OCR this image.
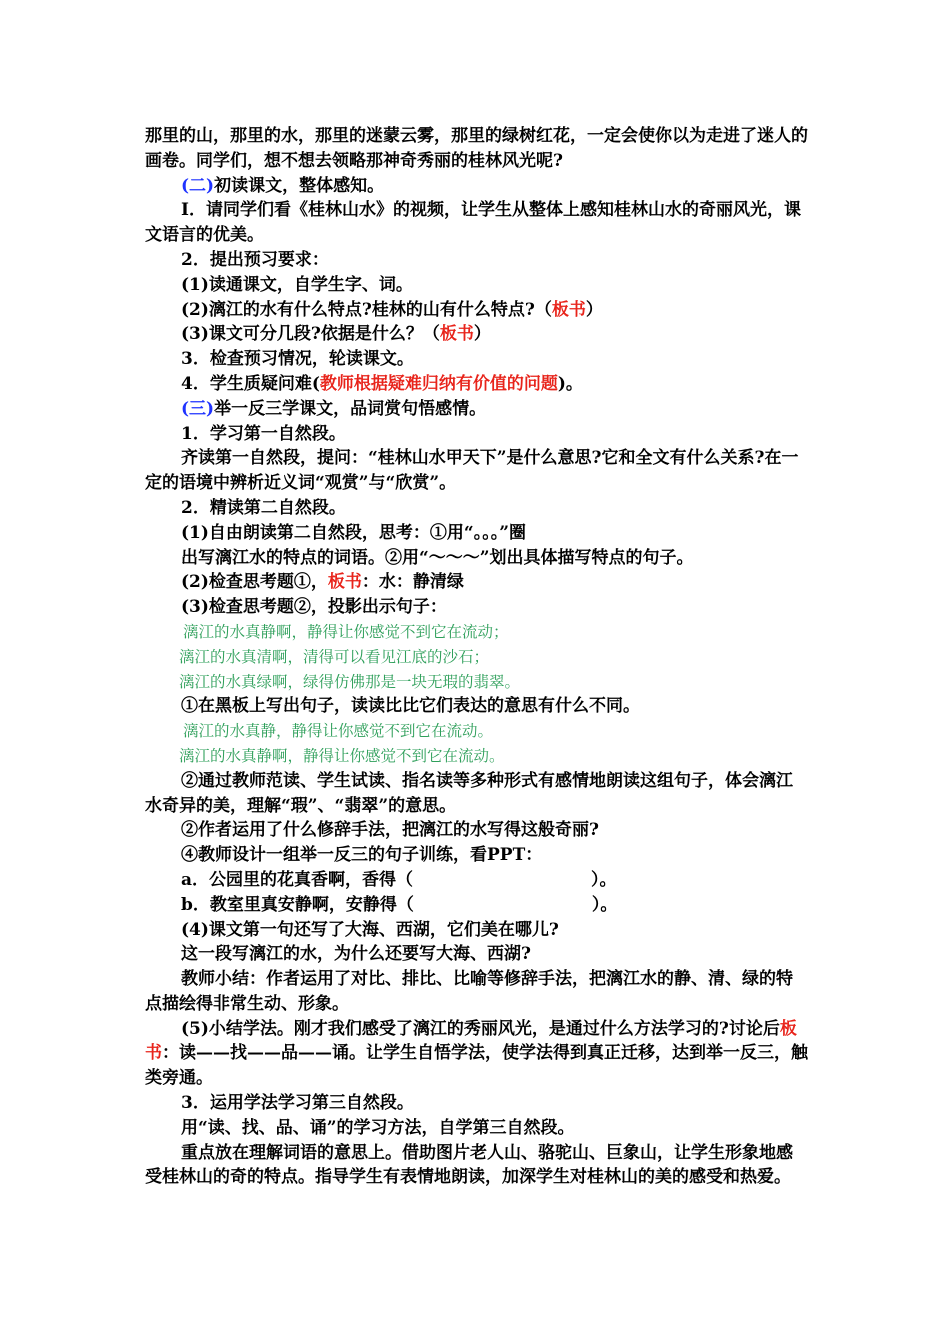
那里的山，那里的水，那里的迷蒙云雾，那里的绿树红花，一定会使你以为走进了迷人的画卷。同学们，想不想去领略那神奇秀丽的桂林风光呢?

(二)初读课文，整体感知。

I．请同学们看《桂林山水》的视频，让学生从整体上感知桂林山水的奇丽风光，课文语言的优美。

2．提出预习要求：

(1)读通课文，自学生字、词。

(2)漓江的水有什么特点?桂林的山有什么特点?（板书）

(3)课文可分几段?依据是什么？（板书）

3．检查预习情况，轮读课文。

4．学生质疑问难(教师根据疑难归纳有价值的问题)。

(三)举一反三学课文，品词赏句悟感情。

1．学习第一自然段。

齐读第一自然段，提问：“桂林山水甲天下”是什么意思?它和全文有什么关系?在一定的语境中辨析近义词“观赏”与“欣赏”。

2．精读第二自然段。

(1)自由朗读第二自然段，思考：①用“。。。”圈

出写漓江水的特点的词语。②用“～～～”划出具体描写特点的句子。

(2)检查思考题①，板书：水：静清绿

(3)检查思考题②，投影出示句子：

漓江的水真静啊，静得让你感觉不到它在流动；

漓江的水真清啊，清得可以看见江底的沙石；

漓江的水真绿啊，绿得仿佛那是一块无瑕的翡翠。

①在黑板上写出句子，读读比比它们表达的意思有什么不同。

漓江的水真静，静得让你感觉不到它在流动。

漓江的水真静啊，静得让你感觉不到它在流动。

②通过教师范读、学生试读、指名读等多种形式有感情地朗读这组句子，体会漓江水奇异的美，理解“瑕”、“翡翠”的意思。

②作者运用了什么修辞手法，把漓江的水写得这般奇丽?

④教师设计一组举一反三的句子训练，看PPT：

a．公园里的花真香啊，香得（	）。

b．教室里真安静啊，安静得（	）。

(4)课文第一句还写了大海、西湖，它们美在哪儿?

这一段写漓江的水，为什么还要写大海、西湖?

教师小结：作者运用了对比、排比、比喻等修辞手法，把漓江水的静、清、绿的特点描绘得非常生动、形象。

(5)小结学法。刚才我们感受了漓江的秀丽风光，是通过什么方法学习的?讨论后板书：读——找——品——诵。让学生自悟学法，使学法得到真正迁移，达到举一反三，触类旁通。

3．运用学法学习第三自然段。

用“读、找、品、诵”的学习方法，自学第三自然段。

重点放在理解词语的意思上。借助图片老人山、骆驼山、巨象山，让学生形象地感受桂林山的奇的特点。指导学生有表情地朗读，加深学生对桂林山的美的感受和热爱。
